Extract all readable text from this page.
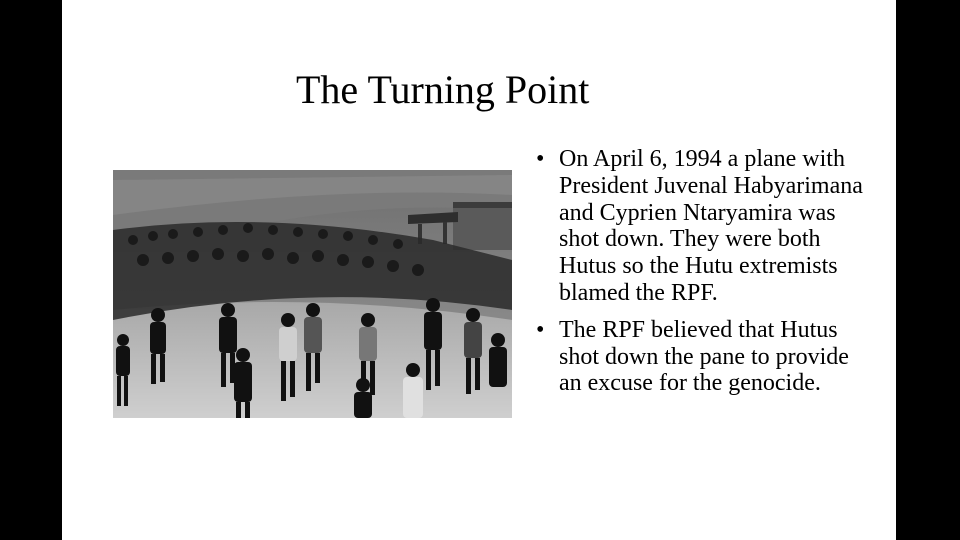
The Turning Point
• On April 6, 1994 a plane with President Juvenal Habyarimana and Cyprien Ntaryamira was shot down. They were both Hutus so the Hutu extremists blamed the RPF.
• The RPF believed that Hutus shot down the pane to provide an excuse for the genocide.
